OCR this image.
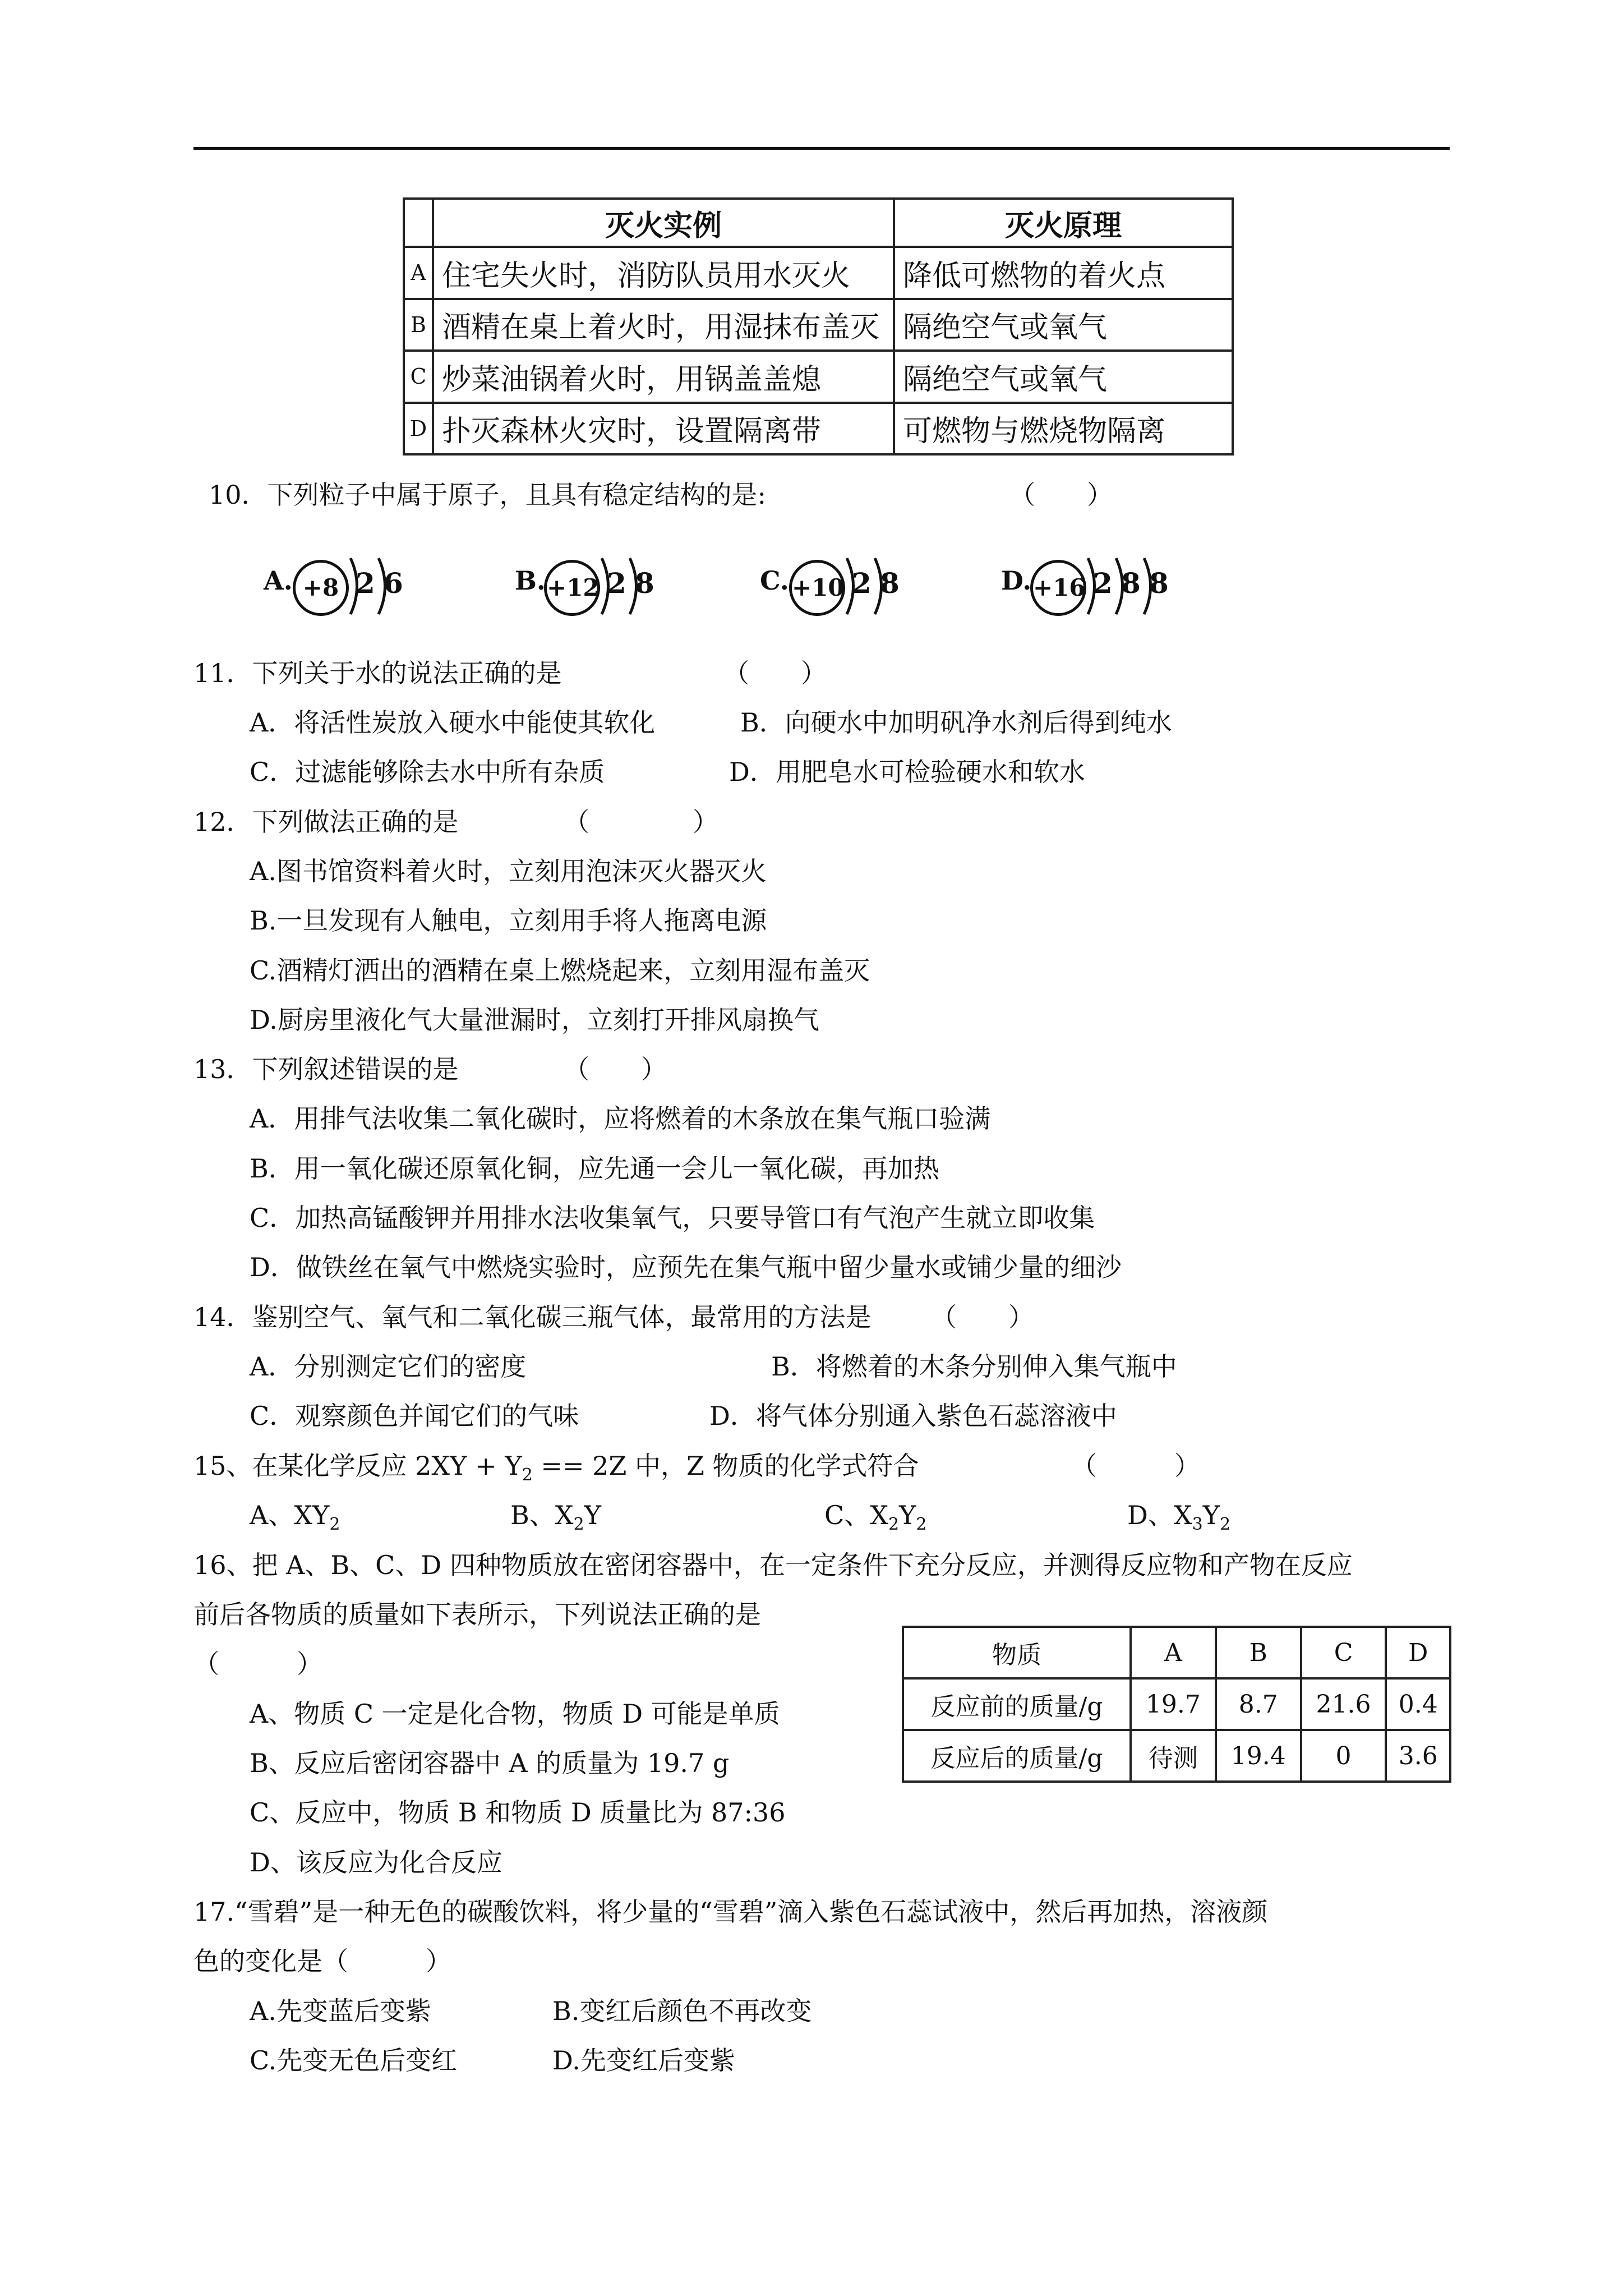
	灭火实例	灭火原理
A	住宅失火时，消防队员用水灭火	降低可燃物的着火点
B	酒精在桌上着火时，用湿抹布盖灭	隔绝空气或氧气
C	炒菜油锅着火时，用锅盖盖熄	隔绝空气或氧气
D	扑灭森林火灾时，设置隔离带	可燃物与燃烧物隔离
10．下列粒子中属于原子，且具有稳定结构的是:	（　　）
A. +8 2 6	B. +12 2 8	C. +10 2 8	D. +16 2 8 8
11．下列关于水的说法正确的是	（　　）
A．将活性炭放入硬水中能使其软化	B．向硬水中加明矾净水剂后得到纯水
C．过滤能够除去水中所有杂质	D．用肥皂水可检验硬水和软水
12．下列做法正确的是	（　　　　）
A.图书馆资料着火时，立刻用泡沫灭火器灭火
B.一旦发现有人触电，立刻用手将人拖离电源
C.酒精灯洒出的酒精在桌上燃烧起来，立刻用湿布盖灭
D.厨房里液化气大量泄漏时，立刻打开排风扇换气
13．下列叙述错误的是	（　　）
A．用排气法收集二氧化碳时，应将燃着的木条放在集气瓶口验满
B．用一氧化碳还原氧化铜，应先通一会儿一氧化碳，再加热
C．加热高锰酸钾并用排水法收集氧气，只要导管口有气泡产生就立即收集
D．做铁丝在氧气中燃烧实验时，应预先在集气瓶中留少量水或铺少量的细沙
14．鉴别空气、氧气和二氧化碳三瓶气体，最常用的方法是 （　　）
A．分别测定它们的密度	B．将燃着的木条分别伸入集气瓶中
C．观察颜色并闻它们的气味	D．将气体分别通入紫色石蕊溶液中
15、在某化学反应 $2XY + Y_2 == 2Z$ 中，Z 物质的化学式符合	（　　　）
A、$XY_2$	B、$X_2Y$	C、$X_2Y_2$	D、$X_3Y_2$
16、把 A、B、C、D 四种物质放在密闭容器中，在一定条件下充分反应，并测得反应物和产物在反应
前后各物质的质量如下表所示，下列说法正确的是
（　　　）
A、物质 C 一定是化合物，物质 D 可能是单质
B、反应后密闭容器中 A 的质量为 19.7 g
C、反应中，物质 B 和物质 D 质量比为 87:36
D、该反应为化合反应
物质	A	B	C	D
反应前的质量/g	19.7	8.7	21.6	0.4
反应后的质量/g	待测	19.4	0	3.6
17.“雪碧”是一种无色的碳酸饮料，将少量的“雪碧”滴入紫色石蕊试液中，然后再加热，溶液颜
色的变化是（　　　）
A.先变蓝后变紫	B.变红后颜色不再改变
C.先变无色后变红	D.先变红后变紫
